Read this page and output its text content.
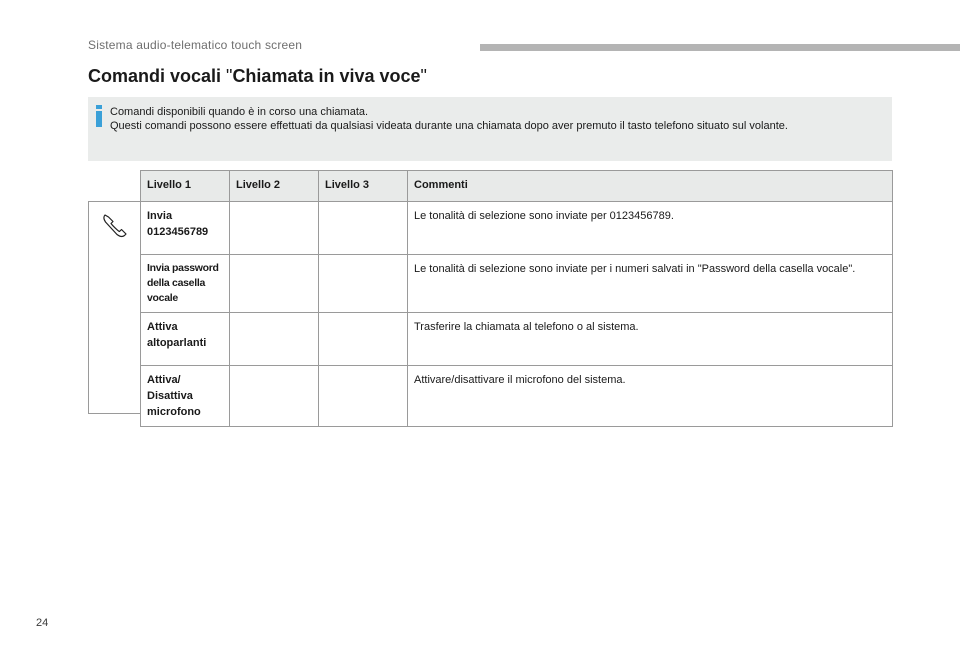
Sistema audio-telematico touch screen
Comandi vocali "Chiamata in viva voce"

Comandi disponibili quando è in corso una chiamata.

Questi comandi possono essere effettuati da qualsiasi videata durante una chiamata dopo aver premuto il tasto telefono situato sul volante.

Livello 1	Livello 2	Livello 3	Commenti
Invia 0123456789			Le tonalità di selezione sono inviate per 0123456789.
Invia password della casella vocale			Le tonalità di selezione sono inviate per i numeri salvati in "Password della casella vocale".
Attiva altoparlanti			Trasferire la chiamata al telefono o al sistema.
Attiva/ Disattiva microfono			Attivare/disattivare il microfono del sistema.
24
